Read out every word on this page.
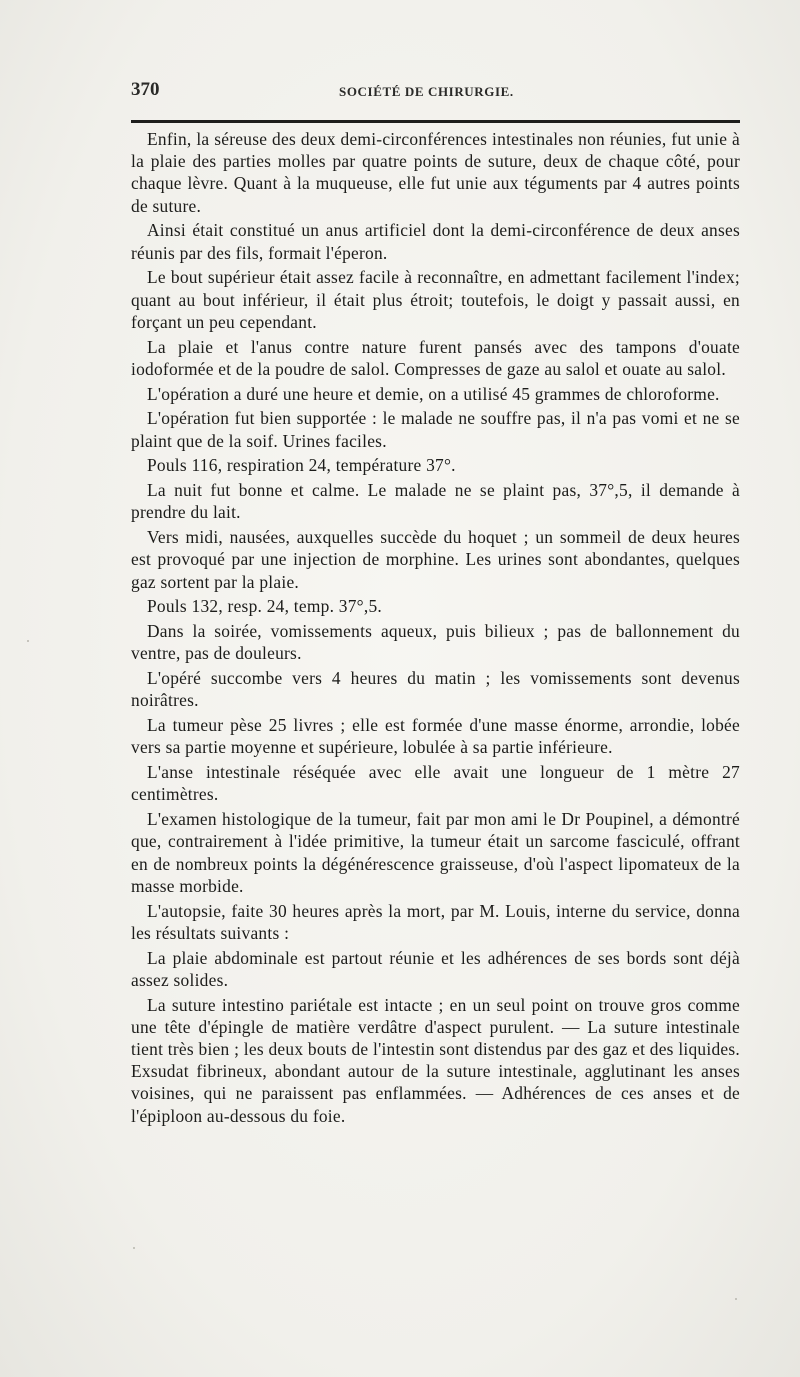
370	SOCIÉTÉ DE CHIRURGIE.

Enfin, la séreuse des deux demi-circonférences intestinales non réunies, fut unie à la plaie des parties molles par quatre points de suture, deux de chaque côté, pour chaque lèvre. Quant à la muqueuse, elle fut unie aux téguments par 4 autres points de suture.

Ainsi était constitué un anus artificiel dont la demi-circonférence de deux anses réunis par des fils, formait l'éperon.

Le bout supérieur était assez facile à reconnaître, en admettant facilement l'index; quant au bout inférieur, il était plus étroit; toutefois, le doigt y passait aussi, en forçant un peu cependant.

La plaie et l'anus contre nature furent pansés avec des tampons d'ouate iodoformée et de la poudre de salol. Compresses de gaze au salol et ouate au salol.

L'opération a duré une heure et demie, on a utilisé 45 grammes de chloroforme.

L'opération fut bien supportée : le malade ne souffre pas, il n'a pas vomi et ne se plaint que de la soif. Urines faciles.

Pouls 116, respiration 24, température 37°.

La nuit fut bonne et calme. Le malade ne se plaint pas, 37°,5, il demande à prendre du lait.

Vers midi, nausées, auxquelles succède du hoquet ; un sommeil de deux heures est provoqué par une injection de morphine. Les urines sont abondantes, quelques gaz sortent par la plaie.

Pouls 132, resp. 24, temp. 37°,5.

Dans la soirée, vomissements aqueux, puis bilieux ; pas de ballonnement du ventre, pas de douleurs.

L'opéré succombe vers 4 heures du matin ; les vomissements sont devenus noirâtres.

La tumeur pèse 25 livres ; elle est formée d'une masse énorme, arrondie, lobée vers sa partie moyenne et supérieure, lobulée à sa partie inférieure.

L'anse intestinale réséquée avec elle avait une longueur de 1 mètre 27 centimètres.

L'examen histologique de la tumeur, fait par mon ami le Dr Poupinel, a démontré que, contrairement à l'idée primitive, la tumeur était un sarcome fasciculé, offrant en de nombreux points la dégénérescence graisseuse, d'où l'aspect lipomateux de la masse morbide.

L'autopsie, faite 30 heures après la mort, par M. Louis, interne du service, donna les résultats suivants :

La plaie abdominale est partout réunie et les adhérences de ses bords sont déjà assez solides.

La suture intestino pariétale est intacte ; en un seul point on trouve gros comme une tête d'épingle de matière verdâtre d'aspect purulent. — La suture intestinale tient très bien ; les deux bouts de l'intestin sont distendus par des gaz et des liquides. Exsudat fibrineux, abondant autour de la suture intestinale, agglutinant les anses voisines, qui ne paraissent pas enflammées. — Adhérences de ces anses et de l'épiploon au-dessous du foie.
